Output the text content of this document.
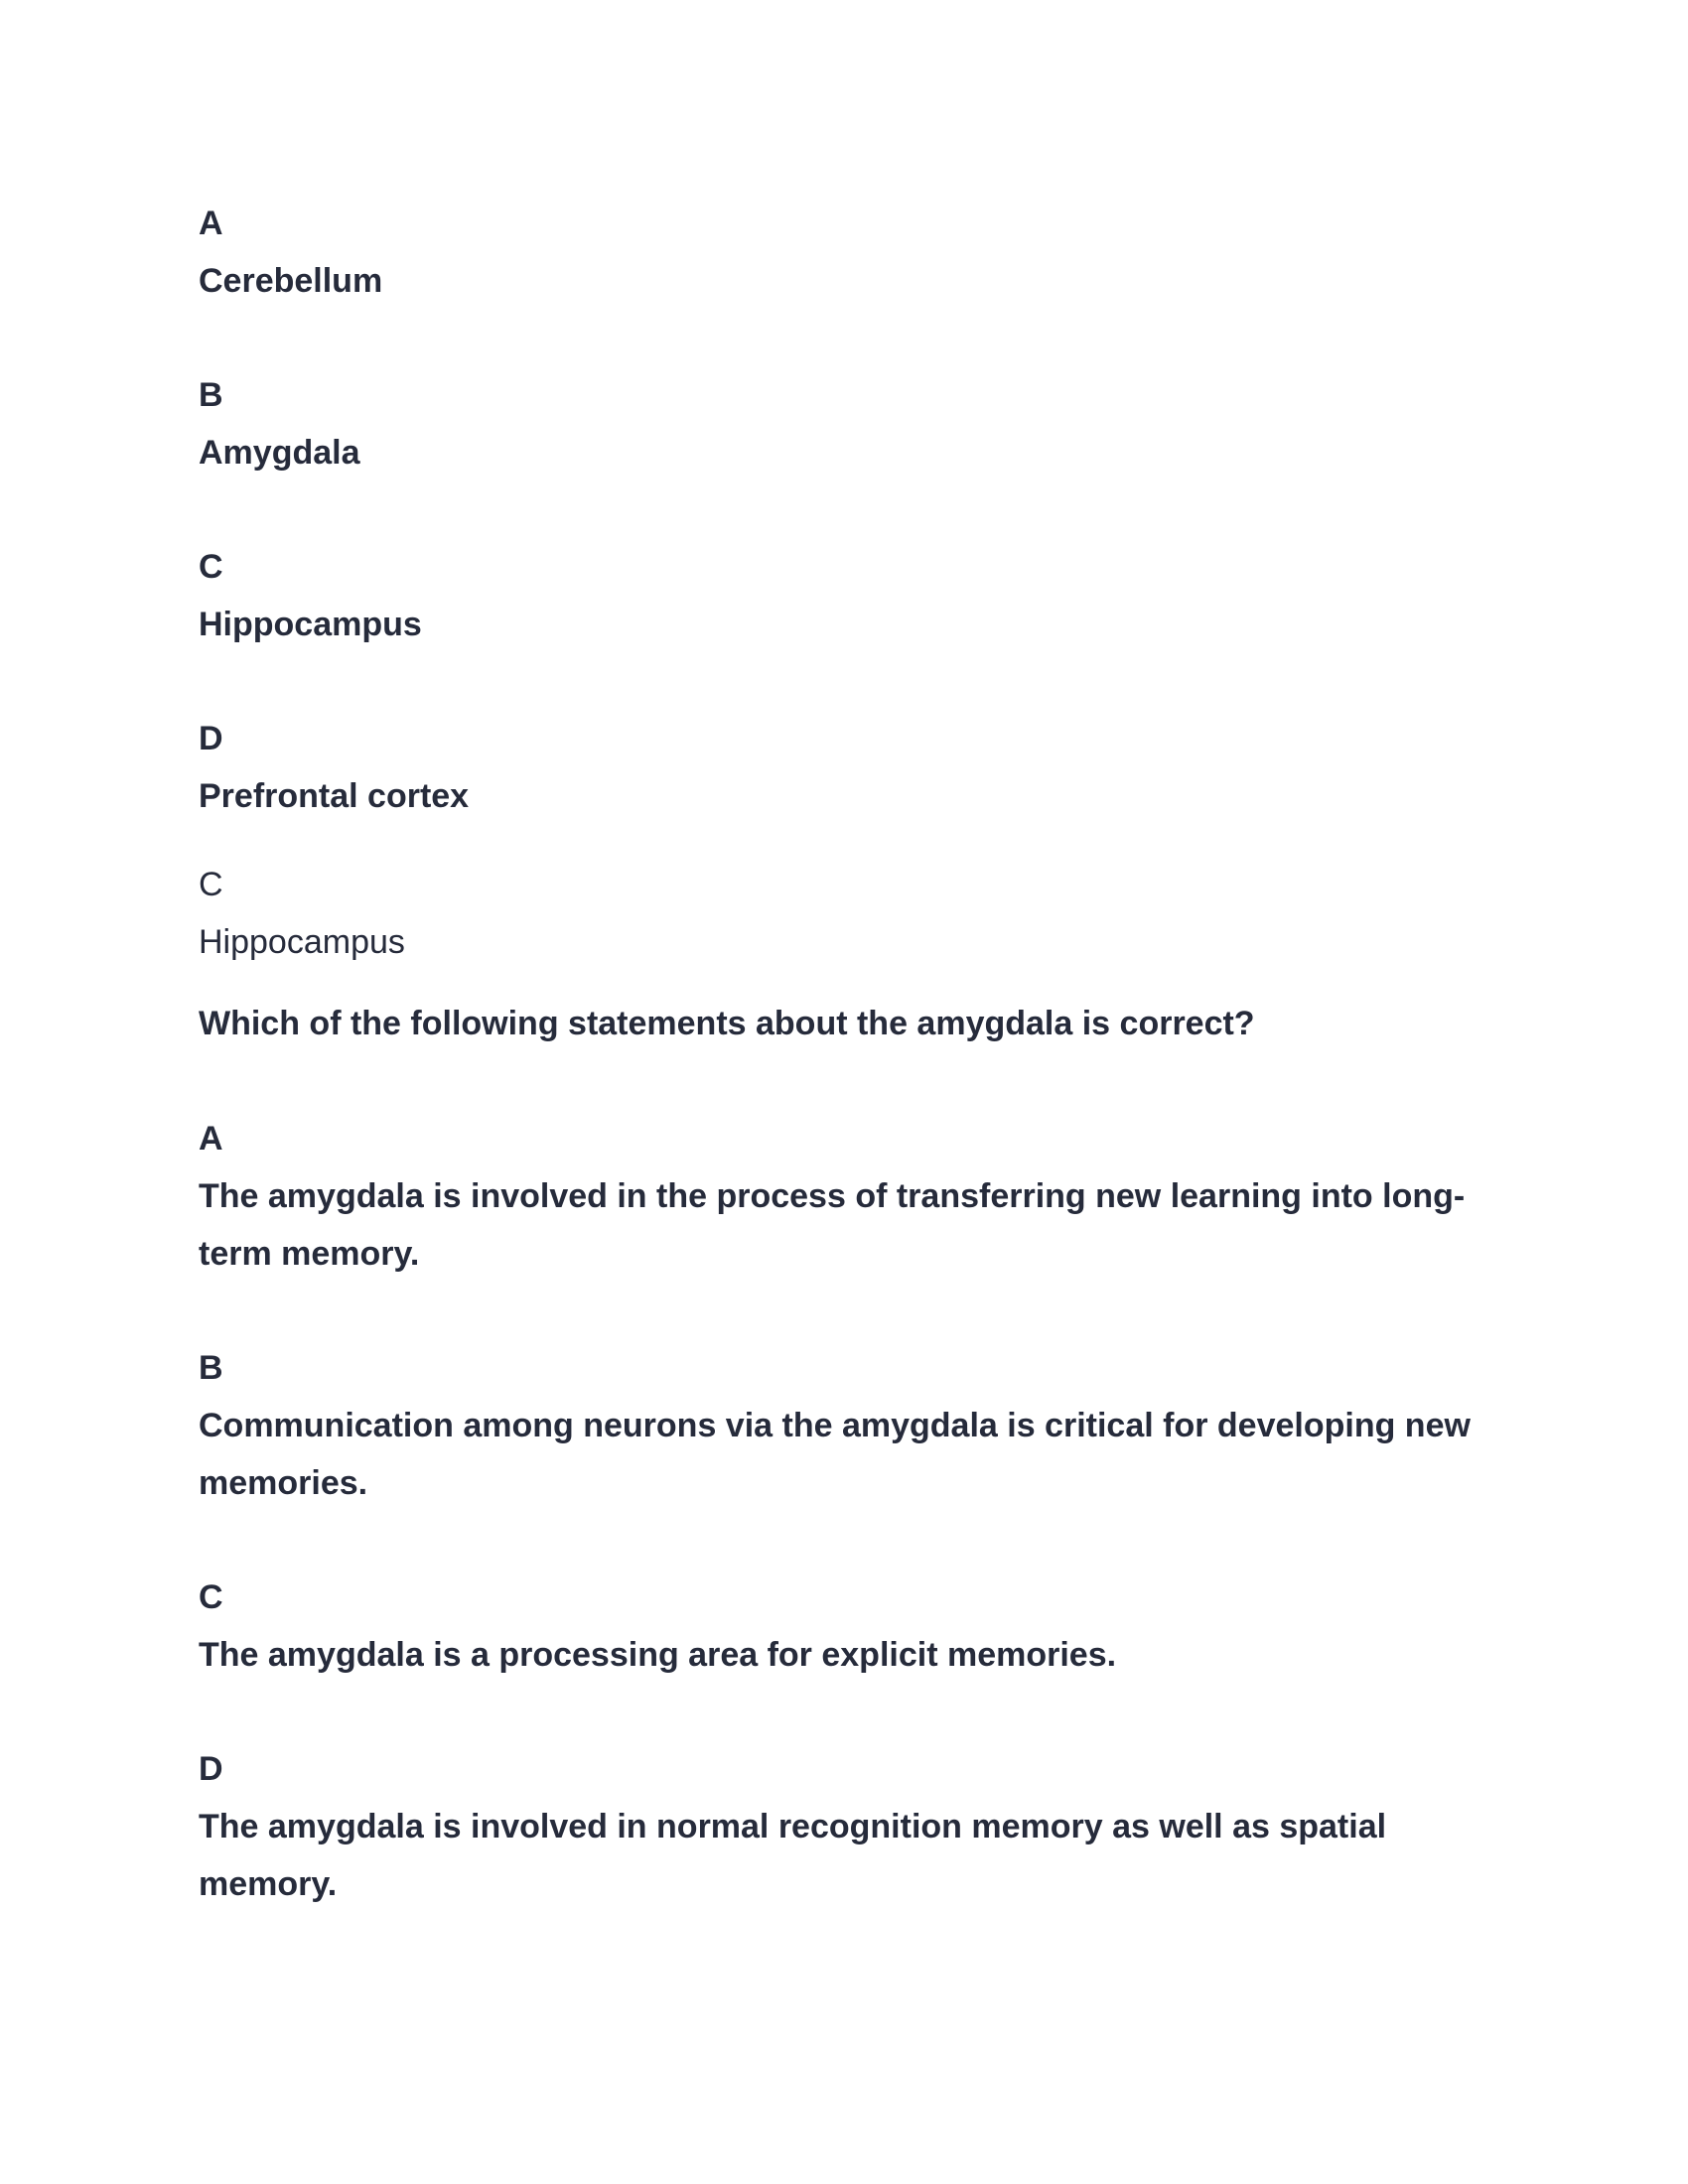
A
Cerebellum
B
Amygdala
C
Hippocampus
D
Prefrontal cortex
C
Hippocampus
Which of the following statements about the amygdala is correct?
A
The amygdala is involved in the process of transferring new learning into long-term memory.
B
Communication among neurons via the amygdala is critical for developing new memories.
C
The amygdala is a processing area for explicit memories.
D
The amygdala is involved in normal recognition memory as well as spatial memory.
